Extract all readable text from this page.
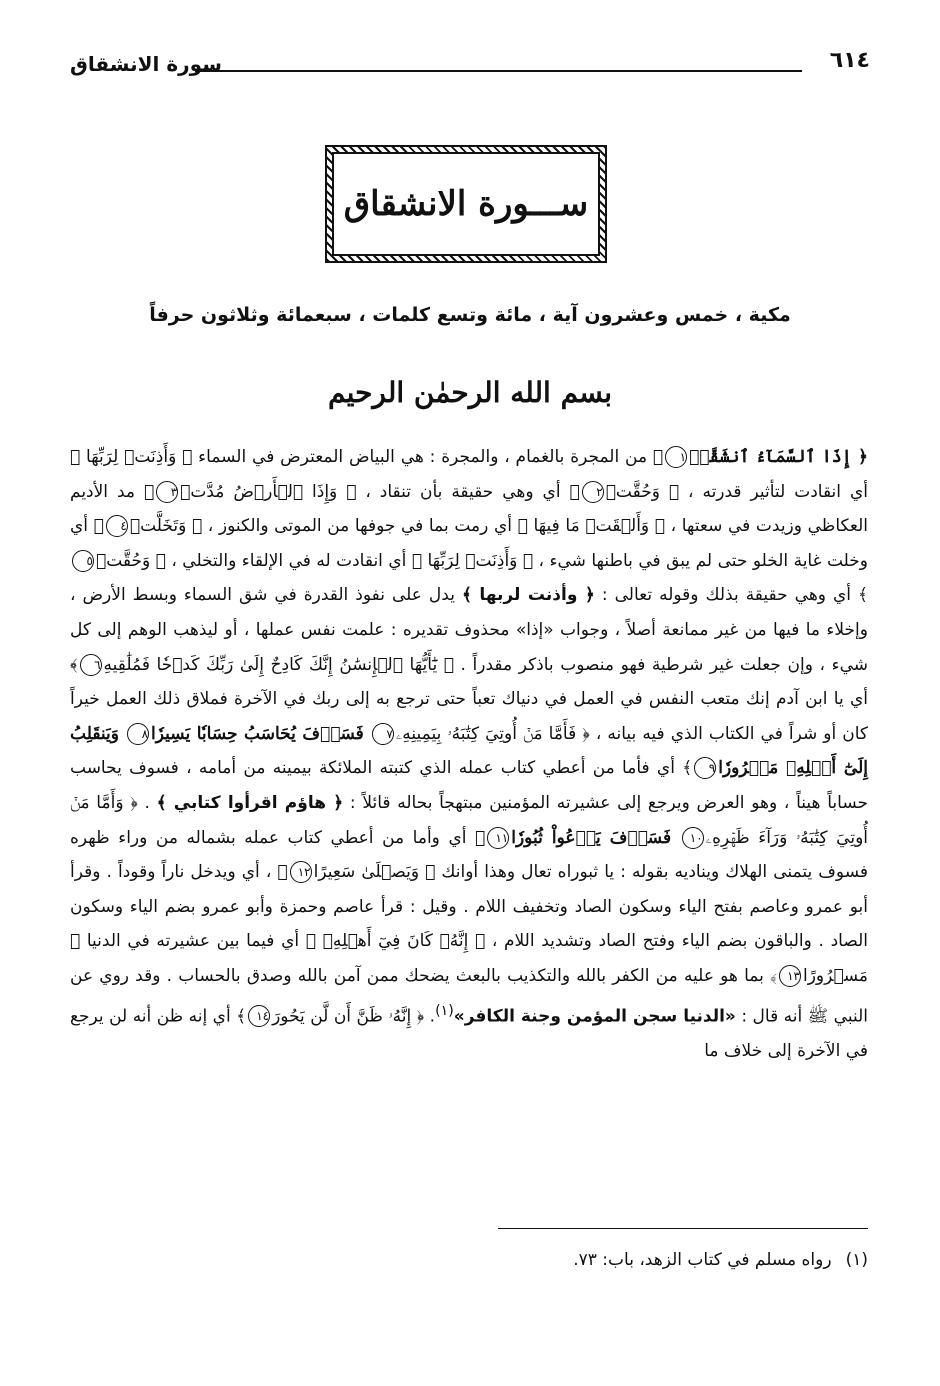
سورة الانشقاق	٦١٤
ســـورة الانشقاق
مكية ، خمس وعشرون آية ، مائة وتسع كلمات ، سبعمائة وثلاثون حرفاً
بسم الله الرحمٰن الرحيم

﴿ إِذَا ٱلسَّمَآءُ ٱنشَقَّتۡ١﴾ من المجرة بالغمام ، والمجرة : هي البياض المعترض في السماء ﴿ وَأَذِنَتۡ لِرَبِّهَا ﴾ أي انقادت لتأثير قدرته ، ﴿ وَحُقَّتۡ٢﴾ أي وهي حقيقة بأن تنقاد ، ﴿ وَإِذَا ٱلۡأَرۡضُ مُدَّتۡ٣﴾ مد الأديم العكاظي وزيدت في سعتها ، ﴿ وَأَلۡقَتۡ مَا فِيهَا ﴾ أي رمت بما في جوفها من الموتى والكنوز ، ﴿ وَتَخَلَّتۡ٤﴾ أي وخلت غاية الخلو حتى لم يبق في باطنها شيء ، ﴿ وَأَذِنَتۡ لِرَبِّهَا ﴾ أي انقادت له في الإلقاء والتخلي ، ﴿ وَحُقَّتۡ٥﴾ أي وهي حقيقة بذلك وقوله تعالى : ﴿ وأذنت لربها ﴾ يدل على نفوذ القدرة في شق السماء وبسط الأرض ، وإخلاء ما فيها من غير ممانعة أصلاً ، وجواب «إذا» محذوف تقديره : علمت نفس عملها ، أو ليذهب الوهم إلى كل شيء ، وإن جعلت غير شرطية فهو منصوب باذكر مقدراً . ﴿ يَٰٓأَيُّهَا ٱلۡإِنسَٰنُ إِنَّكَ كَادِحٌ إِلَىٰ رَبِّكَ كَدۡحٗا فَمُلَٰقِيهِ٦﴾ أي يا ابن آدم إنك متعب النفس في العمل في دنياك تعباً حتى ترجع به إلى ربك في الآخرة فملاق ذلك العمل خيراً كان أو شراً في الكتاب الذي فيه بيانه ، ﴿ فَأَمَّا مَنۡ أُوتِيَ كِتَٰبَهُۥ بِيَمِينِهِۦ٧ فَسَوۡفَ يُحَاسَبُ حِسَابٗا يَسِيرٗا٨ وَيَنقَلِبُ إِلَىٰٓ أَهۡلِهِۦ مَسۡرُورٗا٩﴾ أي فأما من أعطي كتاب عمله الذي كتبته الملائكة بيمينه من أمامه ، فسوف يحاسب حساباً هيناً ، وهو العرض ويرجع إلى عشيرته المؤمنين مبتهجاً بحاله قائلاً : ﴿ هاؤم اقرأوا كتابي ﴾ . ﴿ وَأَمَّا مَنۡ أُوتِيَ كِتَٰبَهُۥ وَرَآءَ ظَهۡرِهِۦ١٠ فَسَوۡفَ يَدۡعُواْ ثُبُورٗا١١﴾ أي وأما من أعطي كتاب عمله بشماله من وراء ظهره فسوف يتمنى الهلاك ويناديه بقوله : يا ثبوراه تعال وهذا أوانك ﴿ وَيَصۡلَىٰ سَعِيرًا١٢﴾ ، أي ويدخل ناراً وقوداً . وقرأ أبو عمرو وعاصم بفتح الياء وسكون الصاد وتخفيف اللام . وقيل : قرأ عاصم وحمزة وأبو عمرو بضم الياء وسكون الصاد . والباقون بضم الياء وفتح الصاد وتشديد اللام ، ﴿ إِنَّهُۥ كَانَ فِيٓ أَهۡلِهِۦ ﴾ أي فيما بين عشيرته في الدنيا ﴿ مَسۡرُورًا١٣﴾ بما هو عليه من الكفر بالله والتكذيب بالبعث يضحك ممن آمن بالله وصدق بالحساب . وقد روي عن النبي ﷺ أنه قال : «الدنيا سجن المؤمن وجنة الكافر»$^{(١)}$. ﴿ إِنَّهُۥ ظَنَّ أَن لَّن يَحُورَ١٤﴾ أي إنه ظن أنه لن يرجع في الآخرة إلى خلاف ما

(١)رواه مسلم في كتاب الزهد، باب: ٧٣.
